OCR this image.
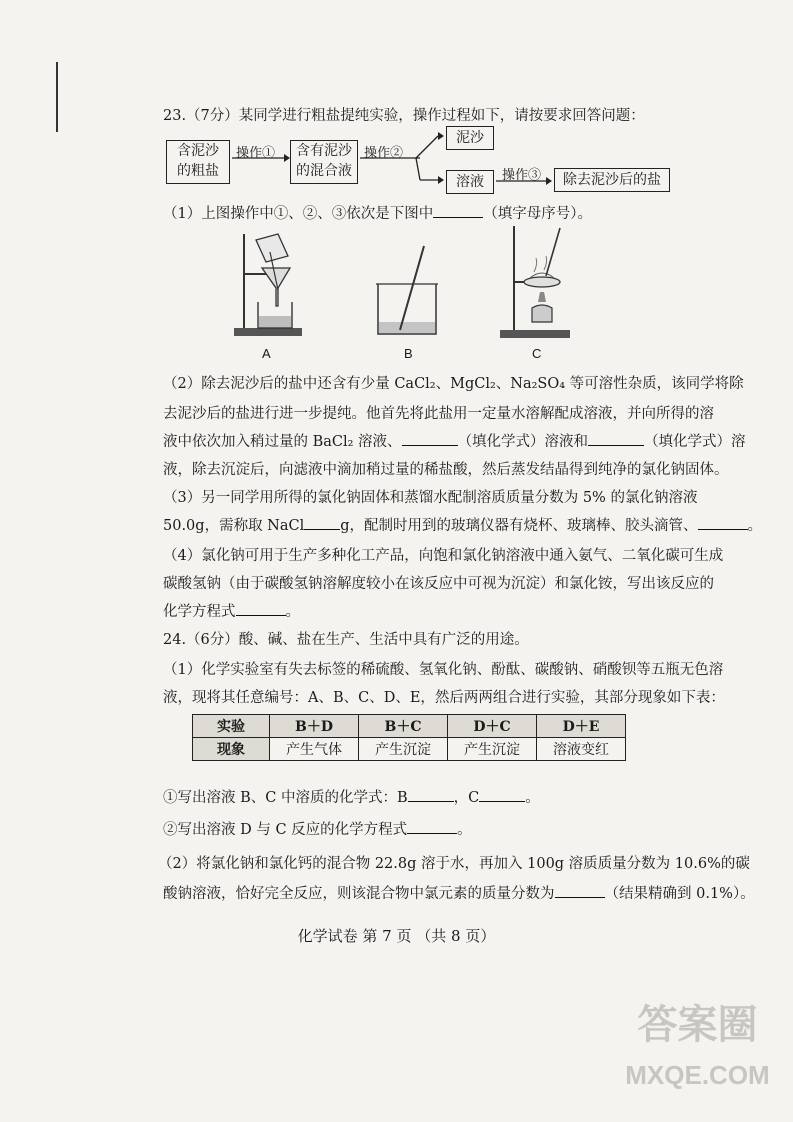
23.（7分）某同学进行粗盐提纯实验，操作过程如下，请按要求回答问题：
含泥沙
的粗盐
操作①	含有泥沙
的混合液
操作②
泥沙
溶液	操作③	除去泥沙后的盐
（1）上图操作中①、②、③依次是下图中	（填字母序号）。
A	B	C
（2）除去泥沙后的盐中还含有少量 CaCl₂、MgCl₂、Na₂SO₄ 等可溶性杂质，该同学将除
去泥沙后的盐进行进一步提纯。他首先将此盐用一定量水溶解配成溶液，并向所得的溶
液中依次加入稍过量的 BaCl₂ 溶液、	（填化学式）溶液和	（填化学式）溶
液，除去沉淀后，向滤液中滴加稍过量的稀盐酸，然后蒸发结晶得到纯净的氯化钠固体。
（3）另一同学用所得的氯化钠固体和蒸馏水配制溶质质量分数为 5% 的氯化钠溶液
50.0g，需称取 NaCl g，配制时用到的玻璃仪器有烧杯、玻璃棒、胶头滴管、	。
（4）氯化钠可用于生产多种化工产品，向饱和氯化钠溶液中通入氨气、二氧化碳可生成
碳酸氢钠（由于碳酸氢钠溶解度较小在该反应中可视为沉淀）和氯化铵，写出该反应的
化学方程式	。
24.（6分）酸、碱、盐在生产、生活中具有广泛的用途。
（1）化学实验室有失去标签的稀硫酸、氢氧化钠、酚酞、碳酸钠、硝酸钡等五瓶无色溶
液，现将其任意编号：A、B、C、D、E，然后两两组合进行实验，其部分现象如下表：
实验	B＋D	B＋C	D＋C	D＋E
现象	产生气体	产生沉淀	产生沉淀	溶液变红
①写出溶液 B、C 中溶质的化学式：B	，C	。
②写出溶液 D 与 C 反应的化学方程式	。
（2）将氯化钠和氯化钙的混合物 22.8g 溶于水，再加入 100g 溶质质量分数为 10.6%的碳
酸钠溶液，恰好完全反应，则该混合物中氯元素的质量分数为	（结果精确到 0.1%）。
化学试卷 第 7 页 （共 8 页）
答案圈
MXQE.COM
